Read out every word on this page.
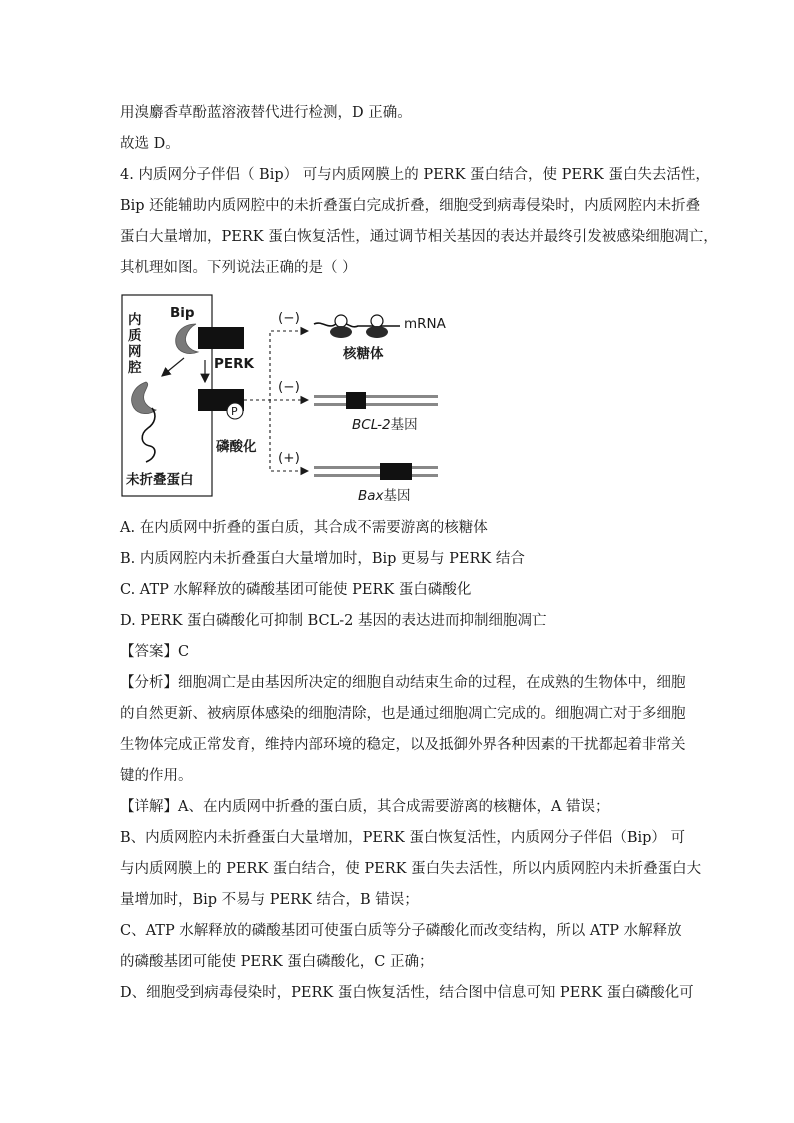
用溴麝香草酚蓝溶液替代进行检测，D 正确。
故选 D。
4. 内质网分子伴侣（ Bip） 可与内质网膜上的 PERK 蛋白结合，使 PERK 蛋白失去活性，
Bip 还能辅助内质网腔中的未折叠蛋白完成折叠，细胞受到病毒侵染时，内质网腔内未折叠
蛋白大量增加，PERK 蛋白恢复活性，通过调节相关基因的表达并最终引发被感染细胞凋亡，
其机理如图。下列说法正确的是（ ）
内
质
网
腔
Bip
PERK
P
磷酸化
未折叠蛋白
(−)
(−)
(+)
mRNA
核糖体
BCL-2基因
Bax基因
A. 在内质网中折叠的蛋白质，其合成不需要游离的核糖体
B. 内质网腔内未折叠蛋白大量增加时，Bip 更易与 PERK 结合
C. ATP 水解释放的磷酸基团可能使 PERK 蛋白磷酸化
D. PERK 蛋白磷酸化可抑制 BCL-2 基因的表达进而抑制细胞凋亡
【答案】C
【分析】细胞凋亡是由基因所决定的细胞自动结束生命的过程，在成熟的生物体中，细胞
的自然更新、被病原体感染的细胞清除，也是通过细胞凋亡完成的。细胞凋亡对于多细胞
生物体完成正常发育，维持内部环境的稳定，以及抵御外界各种因素的干扰都起着非常关
键的作用。
【详解】A、在内质网中折叠的蛋白质，其合成需要游离的核糖体，A 错误；
B、内质网腔内未折叠蛋白大量增加，PERK 蛋白恢复活性，内质网分子伴侣（Bip） 可
与内质网膜上的 PERK 蛋白结合，使 PERK 蛋白失去活性，所以内质网腔内未折叠蛋白大
量增加时，Bip 不易与 PERK 结合，B 错误；
C、ATP 水解释放的磷酸基团可使蛋白质等分子磷酸化而改变结构，所以 ATP 水解释放
的磷酸基团可能使 PERK 蛋白磷酸化，C 正确；
D、细胞受到病毒侵染时，PERK 蛋白恢复活性，结合图中信息可知 PERK 蛋白磷酸化可
